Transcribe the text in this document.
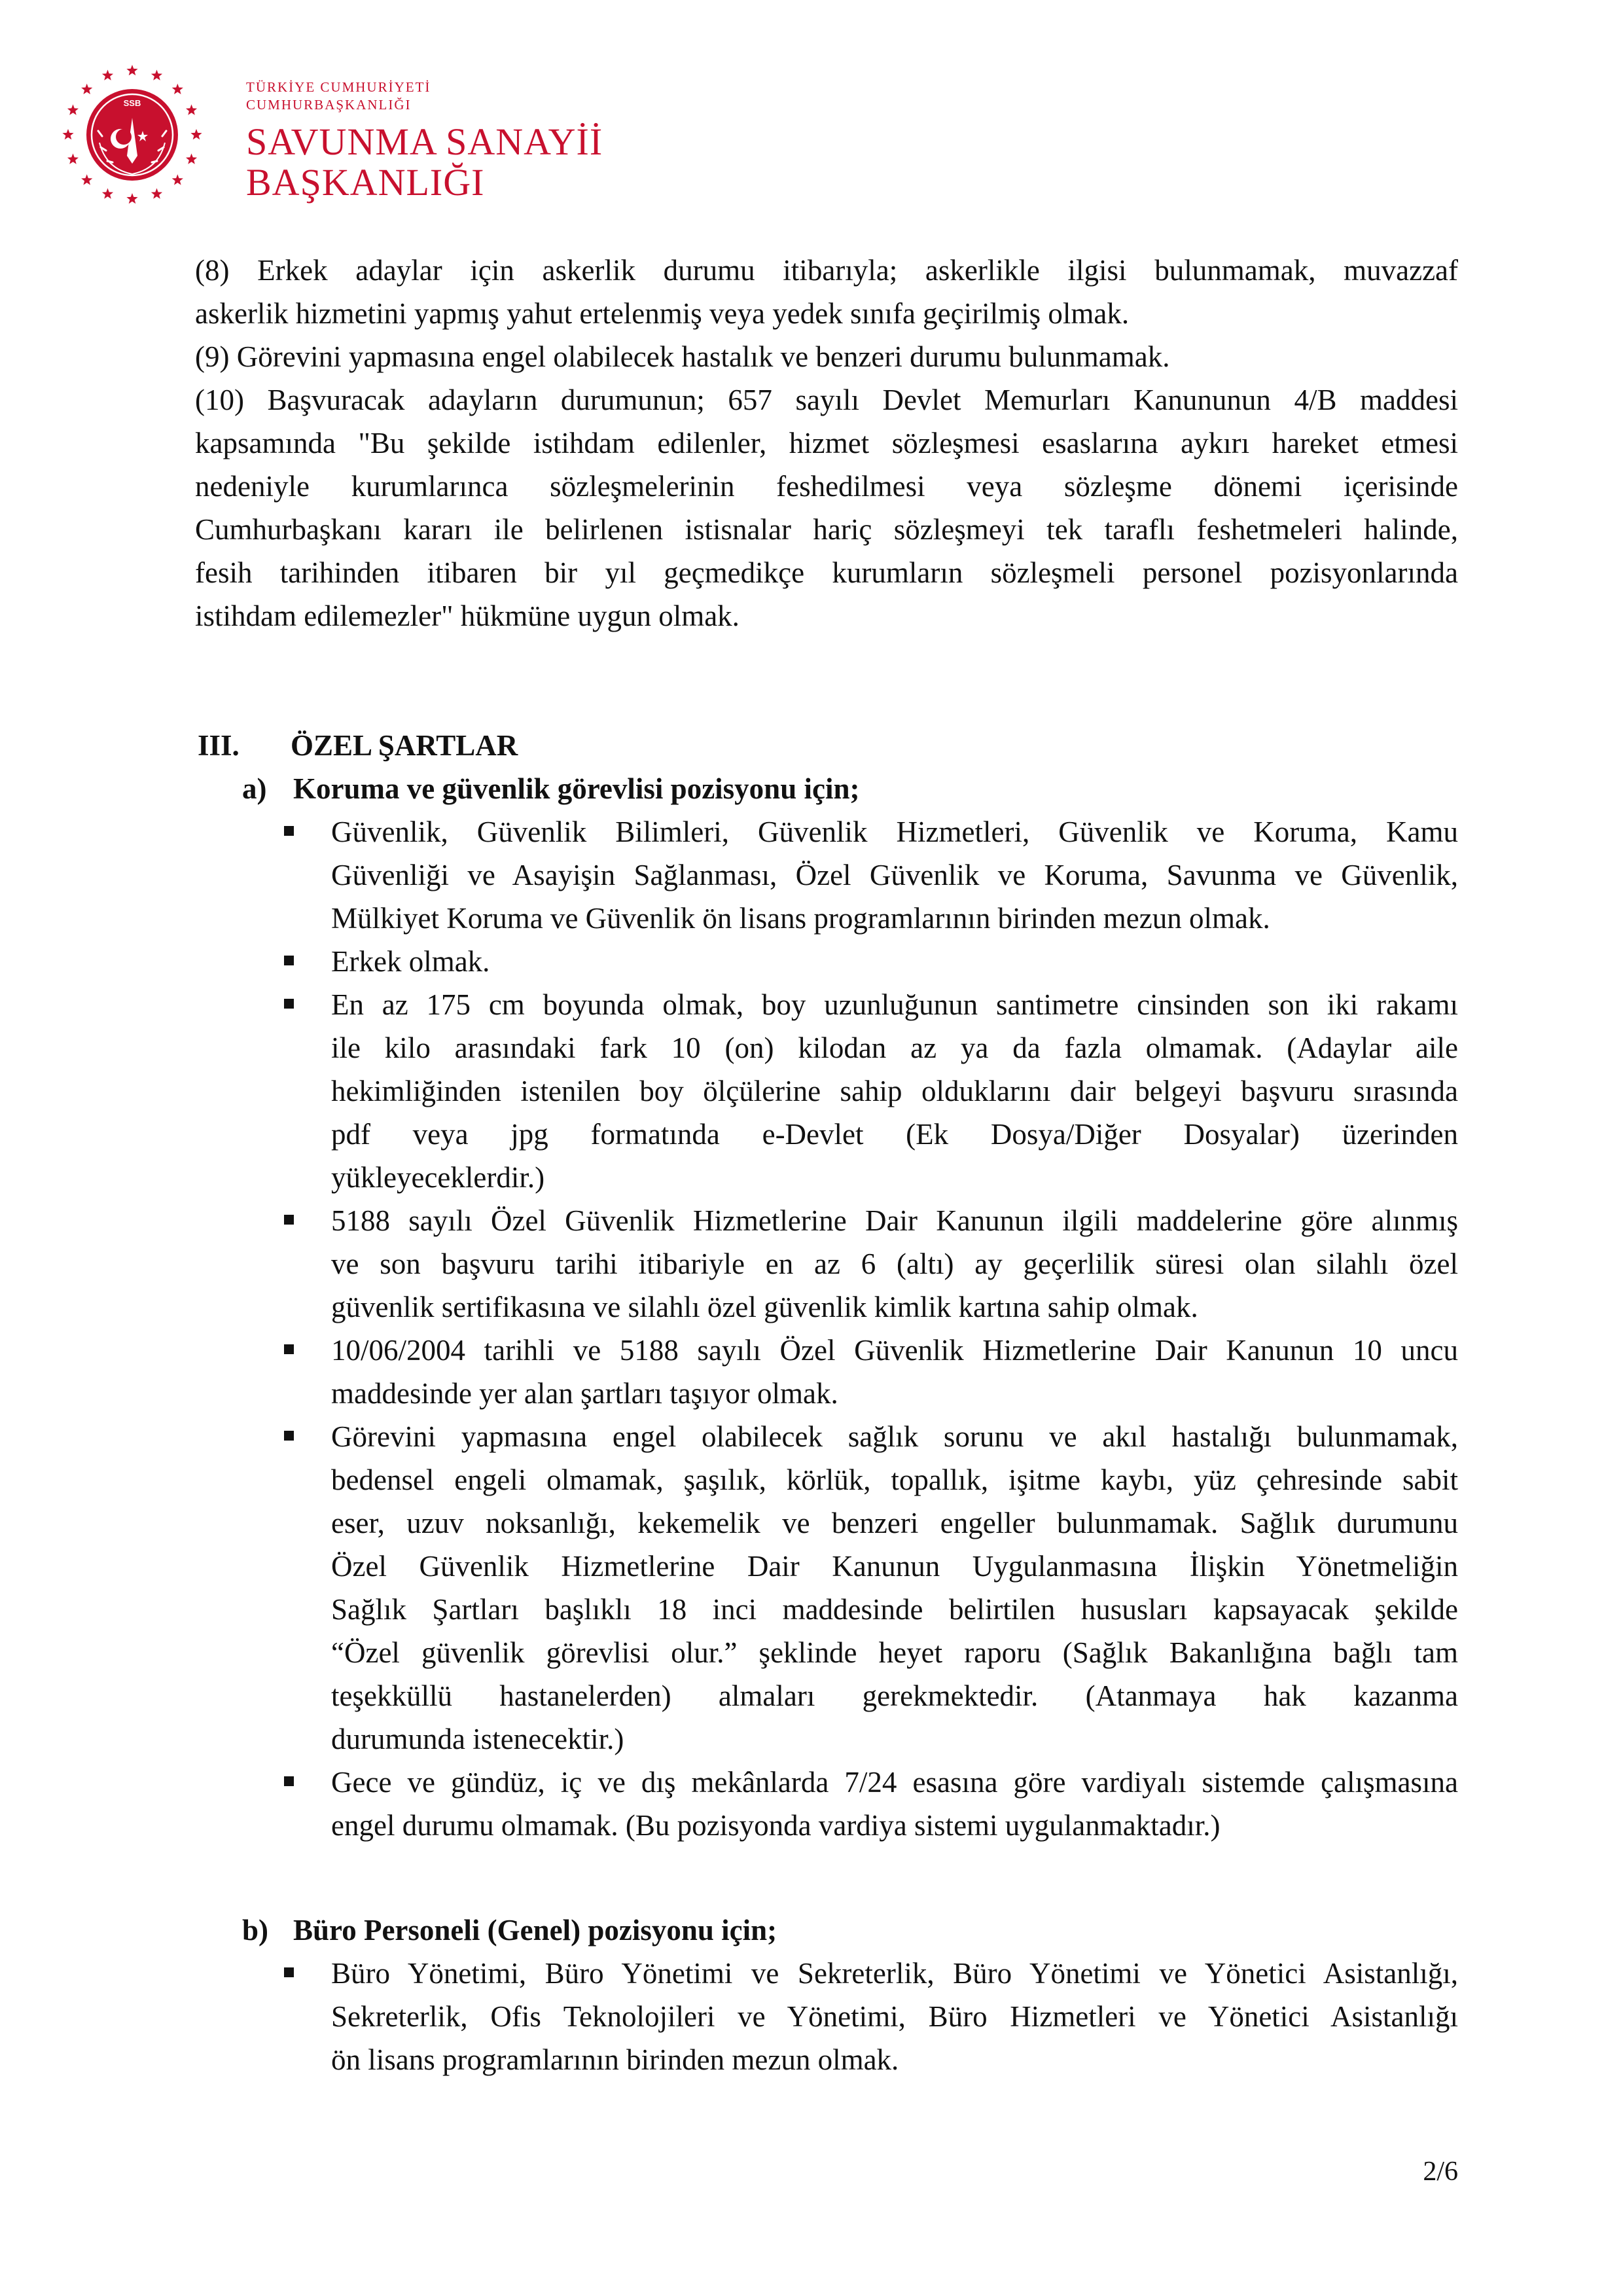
SSB
TÜRKİYE CUMHURİYETİ
CUMHURBAŞKANLIĞI
SAVUNMA SANAYİİ
BAŞKANLIĞI

(8) Erkek adaylar için askerlik durumu itibarıyla; askerlikle ilgisi bulunmamak, muvazzaf
askerlik hizmetini yapmış yahut ertelenmiş veya yedek sınıfa geçirilmiş olmak.

(9) Görevini yapmasına engel olabilecek hastalık ve benzeri durumu bulunmamak.

(10) Başvuracak adayların durumunun; 657 sayılı Devlet Memurları Kanununun 4/B maddesi
kapsamında "Bu şekilde istihdam edilenler, hizmet sözleşmesi esaslarına aykırı hareket etmesi
nedeniyle kurumlarınca sözleşmelerinin feshedilmesi veya sözleşme dönemi içerisinde
Cumhurbaşkanı kararı ile belirlenen istisnalar hariç sözleşmeyi tek taraflı feshetmeleri halinde,
fesih tarihinden itibaren bir yıl geçmedikçe kurumların sözleşmeli personel pozisyonlarında
istihdam edilemezler" hükmüne uygun olmak.

III. ÖZEL ŞARTLAR
a) Koruma ve güvenlik görevlisi pozisyonu için;
Güvenlik, Güvenlik Bilimleri, Güvenlik Hizmetleri, Güvenlik ve Koruma, Kamu
Güvenliği ve Asayişin Sağlanması, Özel Güvenlik ve Koruma, Savunma ve Güvenlik,
Mülkiyet Koruma ve Güvenlik ön lisans programlarının birinden mezun olmak.
Erkek olmak.
En az 175 cm boyunda olmak, boy uzunluğunun santimetre cinsinden son iki rakamı
ile kilo arasındaki fark 10 (on) kilodan az ya da fazla olmamak. (Adaylar aile
hekimliğinden istenilen boy ölçülerine sahip olduklarını dair belgeyi başvuru sırasında
pdf veya jpg formatında e-Devlet (Ek Dosya/Diğer Dosyalar) üzerinden
yükleyeceklerdir.)
5188 sayılı Özel Güvenlik Hizmetlerine Dair Kanunun ilgili maddelerine göre alınmış
ve son başvuru tarihi itibariyle en az 6 (altı) ay geçerlilik süresi olan silahlı özel
güvenlik sertifikasına ve silahlı özel güvenlik kimlik kartına sahip olmak.
10/06/2004 tarihli ve 5188 sayılı Özel Güvenlik Hizmetlerine Dair Kanunun 10 uncu
maddesinde yer alan şartları taşıyor olmak.
Görevini yapmasına engel olabilecek sağlık sorunu ve akıl hastalığı bulunmamak,
bedensel engeli olmamak, şaşılık, körlük, topallık, işitme kaybı, yüz çehresinde sabit
eser, uzuv noksanlığı, kekemelik ve benzeri engeller bulunmamak. Sağlık durumunu
Özel Güvenlik Hizmetlerine Dair Kanunun Uygulanmasına İlişkin Yönetmeliğin
Sağlık Şartları başlıklı 18 inci maddesinde belirtilen hususları kapsayacak şekilde
“Özel güvenlik görevlisi olur.” şeklinde heyet raporu (Sağlık Bakanlığına bağlı tam
teşekküllü hastanelerden) almaları gerekmektedir. (Atanmaya hak kazanma
durumunda istenecektir.)
Gece ve gündüz, iç ve dış mekânlarda 7/24 esasına göre vardiyalı sistemde çalışmasına
engel durumu olmamak. (Bu pozisyonda vardiya sistemi uygulanmaktadır.)
b) Büro Personeli (Genel) pozisyonu için;
Büro Yönetimi, Büro Yönetimi ve Sekreterlik, Büro Yönetimi ve Yönetici Asistanlığı,
Sekreterlik, Ofis Teknolojileri ve Yönetimi, Büro Hizmetleri ve Yönetici Asistanlığı
ön lisans programlarının birinden mezun olmak.
2/6
